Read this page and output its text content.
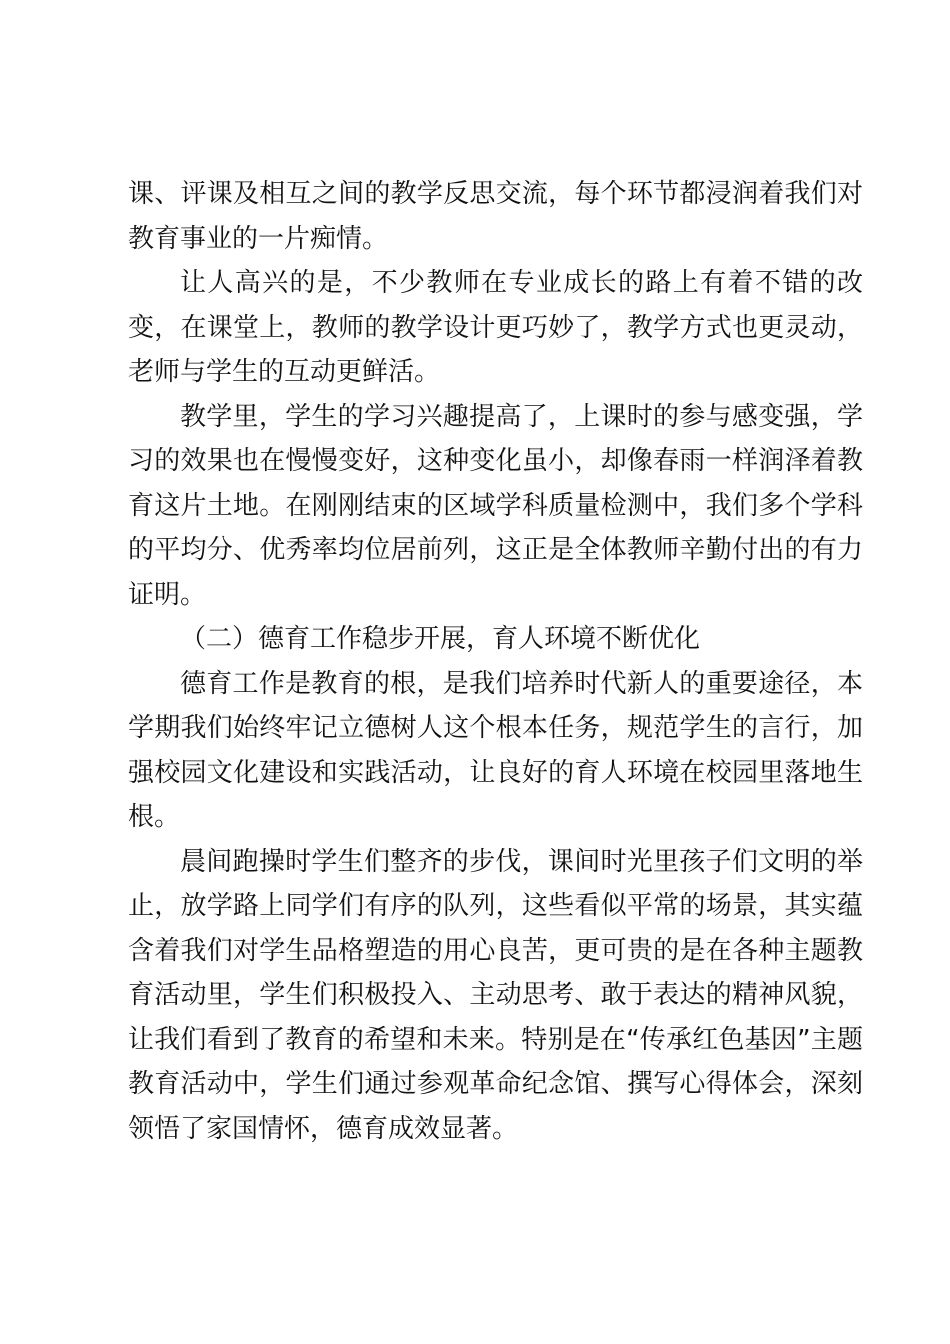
课、评课及相互之间的教学反思交流，每个环节都浸润着我们对教育事业的一片痴情。

让人高兴的是，不少教师在专业成长的路上有着不错的改变，在课堂上，教师的教学设计更巧妙了，教学方式也更灵动，老师与学生的互动更鲜活。

教学里，学生的学习兴趣提高了，上课时的参与感变强，学习的效果也在慢慢变好，这种变化虽小，却像春雨一样润泽着教育这片土地。在刚刚结束的区域学科质量检测中，我们多个学科的平均分、优秀率均位居前列，这正是全体教师辛勤付出的有力证明。

（二）德育工作稳步开展，育人环境不断优化

德育工作是教育的根，是我们培养时代新人的重要途径，本学期我们始终牢记立德树人这个根本任务，规范学生的言行，加强校园文化建设和实践活动，让良好的育人环境在校园里落地生根。

晨间跑操时学生们整齐的步伐，课间时光里孩子们文明的举止，放学路上同学们有序的队列，这些看似平常的场景，其实蕴含着我们对学生品格塑造的用心良苦，更可贵的是在各种主题教育活动里，学生们积极投入、主动思考、敢于表达的精神风貌，让我们看到了教育的希望和未来。特别是在“传承红色基因”主题教育活动中，学生们通过参观革命纪念馆、撰写心得体会，深刻领悟了家国情怀，德育成效显著。
